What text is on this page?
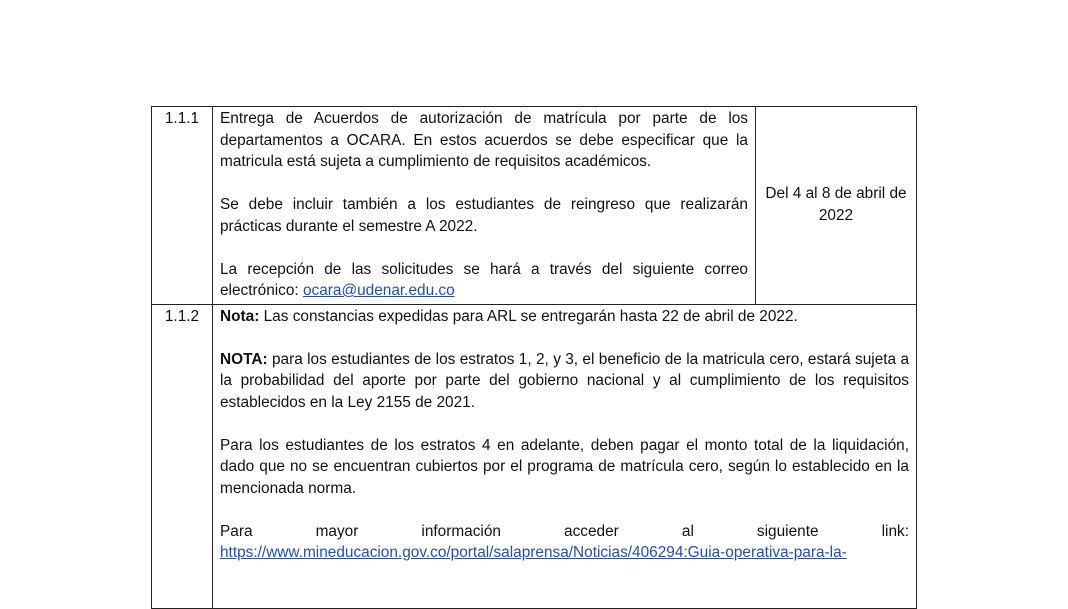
1.1.1	Entrega de Acuerdos de autorización de matrícula por parte de los departamentos a OCARA. En estos acuerdos se debe especificar que la matricula está sujeta a cumplimiento de requisitos académicos.

Se debe incluir también a los estudiantes de reingreso que realizarán prácticas durante el semestre A 2022.

La recepción de las solicitudes se hará a través del siguiente correo electrónico: ocara@udenar.edu.co	Del 4 al 8 de abril de 2022
1.1.2	Nota: Las constancias expedidas para ARL se entregarán hasta 22 de abril de 2022.

NOTA: para los estudiantes de los estratos 1, 2, y 3, el beneficio de la matricula cero, estará sujeta a la probabilidad del aporte por parte del gobierno nacional y al cumplimiento de los requisitos establecidos en la Ley 2155 de 2021.

Para los estudiantes de los estratos 4 en adelante, deben pagar el monto total de la liquidación, dado que no se encuentran cubiertos por el programa de matrícula cero, según lo establecido en la mencionada norma.

Para mayor información acceder al siguiente link:

https://www.mineducacion.gov.co/portal/salaprensa/Noticias/406294:Guia-operativa-para-la-	
